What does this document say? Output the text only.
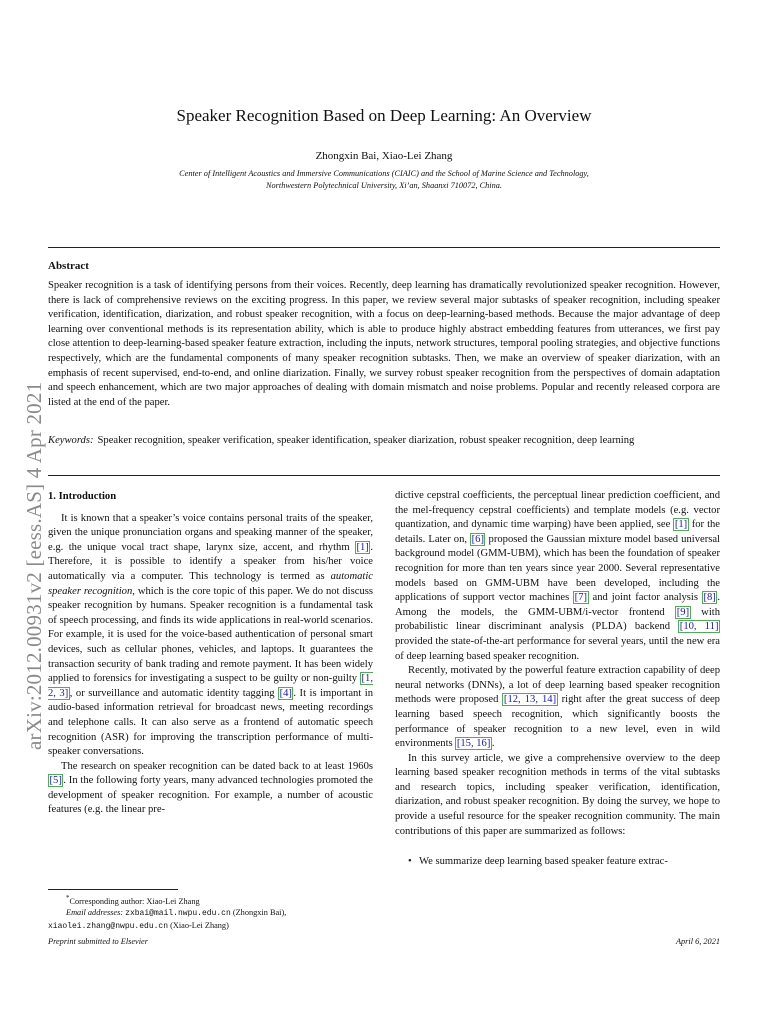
arXiv:2012.00931v2 [eess.AS] 4 Apr 2021
Speaker Recognition Based on Deep Learning: An Overview
Zhongxin Bai, Xiao-Lei Zhang
Center of Intelligent Acoustics and Immersive Communications (CIAIC) and the School of Marine Science and Technology,
Northwestern Polytechnical University, Xi’an, Shaanxi 710072, China.
Abstract
Speaker recognition is a task of identifying persons from their voices. Recently, deep learning has dramatically revolutionized speaker recognition. However, there is lack of comprehensive reviews on the exciting progress. In this paper, we review several major subtasks of speaker recognition, including speaker verification, identification, diarization, and robust speaker recognition, with a focus on deep-learning-based methods. Because the major advantage of deep learning over conventional methods is its representation ability, which is able to produce highly abstract embedding features from utterances, we first pay close attention to deep-learning-based speaker feature extraction, including the inputs, network structures, temporal pooling strategies, and objective functions respectively, which are the fundamental components of many speaker recognition subtasks. Then, we make an overview of speaker diarization, with an emphasis of recent supervised, end-to-end, and online diarization. Finally, we survey robust speaker recognition from the perspectives of domain adaptation and speech enhancement, which are two major approaches of dealing with domain mismatch and noise problems. Popular and recently released corpora are listed at the end of the paper.
Keywords: Speaker recognition, speaker verification, speaker identification, speaker diarization, robust speaker recognition, deep learning
1. Introduction

It is known that a speaker’s voice contains personal traits of the speaker, given the unique pronunciation organs and speaking manner of the speaker, e.g. the unique vocal tract shape, larynx size, accent, and rhythm [1] . Therefore, it is possible to identify a speaker from his/her voice automatically via a computer. This technology is termed as automatic speaker recognition, which is the core topic of this paper. We do not discuss speaker recognition by humans. Speaker recognition is a fundamental task of speech processing, and finds its wide applications in real-world scenarios. For example, it is used for the voice-based authentication of personal smart devices, such as cellular phones, vehicles, and laptops. It guarantees the transaction security of bank trading and remote payment. It has been widely applied to forensics for investigating a suspect to be guilty or non-guilty [1, 2, 3] , or surveillance and automatic identity tagging [4] . It is important in audio-based information retrieval for broadcast news, meeting recordings and telephone calls. It can also serve as a frontend of automatic speech recognition (ASR) for improving the transcription performance of multi-speaker conversations.

The research on speaker recognition can be dated back to at least 1960s [5] . In the following forty years, many advanced technologies promoted the development of speaker recognition. For example, a number of acoustic features (e.g. the linear pre-

dictive cepstral coefficients, the perceptual linear prediction coefficient, and the mel-frequency cepstral coefficients) and template models (e.g. vector quantization, and dynamic time warping) have been applied, see [1] for the details. Later on, [6] proposed the Gaussian mixture model based universal background model (GMM-UBM), which has been the foundation of speaker recognition for more than ten years since year 2000. Several representative models based on GMM-UBM have been developed, including the applications of support vector machines [7] and joint factor analysis [8] . Among the models, the GMM-UBM/i-vector frontend [9] with probabilistic linear discriminant analysis (PLDA) backend [10, 11] provided the state-of-the-art performance for several years, until the new era of deep learning based speaker recognition.

Recently, motivated by the powerful feature extraction capability of deep neural networks (DNNs), a lot of deep learning based speaker recognition methods were proposed [12, 13, 14] right after the great success of deep learning based speech recognition, which significantly boosts the performance of speaker recognition to a new level, even in wild environments [15, 16] .

In this survey article, we give a comprehensive overview to the deep learning based speaker recognition methods in terms of the vital subtasks and research topics, including speaker verification, identification, diarization, and robust speaker recognition. By doing the survey, we hope to provide a useful resource for the speaker recognition community. The main contributions of this paper are summarized as follows:

• We summarize deep learning based speaker feature extrac-
*Corresponding author: Xiao-Lei Zhang
Email addresses: zxbai@mail.nwpu.edu.cn (Zhongxin Bai),
xiaolei.zhang@nwpu.edu.cn (Xiao-Lei Zhang)
Preprint submitted to Elsevier	April 6, 2021
